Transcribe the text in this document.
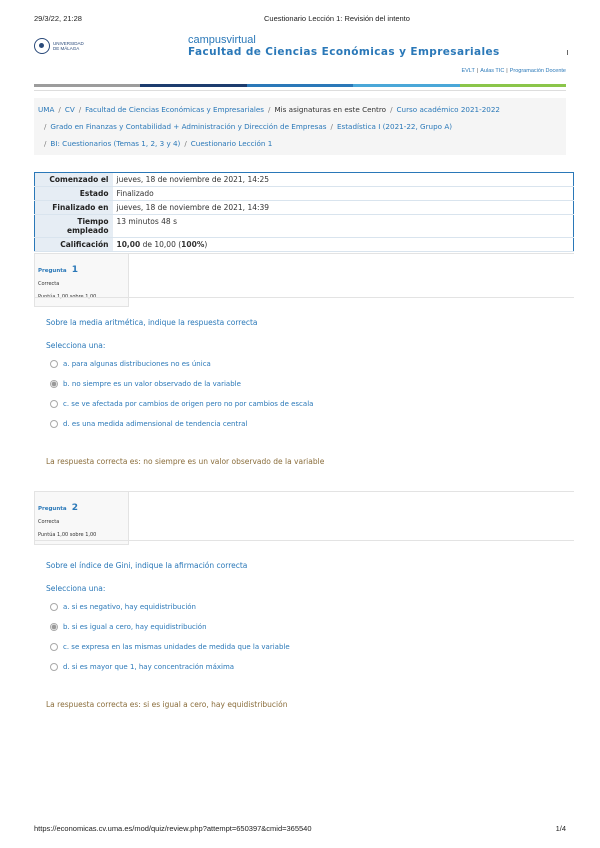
29/3/22, 21:28	Cuestionario Lección 1: Revisión del intento
UNIVERSIDAD DE MÁLAGA
campusvirtual
Facultad de Ciencias Económicas y Empresariales
EVLT | Aulas TIC | Programación Docente
UMA / CV / Facultad de Ciencias Económicas y Empresariales / Mis asignaturas en este Centro / Curso académico 2021-2022
/ Grado en Finanzas y Contabilidad + Administración y Dirección de Empresas / Estadística I (2021-22, Grupo A)
/ BI: Cuestionarios (Temas 1, 2, 3 y 4) / Cuestionario Lección 1
Comenzado el	jueves, 18 de noviembre de 2021, 14:25
Estado	Finalizado
Finalizado en	jueves, 18 de noviembre de 2021, 14:39
Tiempo empleado	13 minutos 48 s
Calificación	10,00 de 10,00 (100%)
Pregunta 1
Correcta
Sobre la media aritmética, indique la respuesta correcta
Selecciona una:
a. para algunas distribuciones no es única
b. no siempre es un valor observado de la variable
c. se ve afectada por cambios de origen pero no por cambios de escala
d. es una medida adimensional de tendencia central
La respuesta correcta es: no siempre es un valor observado de la variable
Pregunta 2
Correcta
Puntúa 1,00 sobre 1,00
Sobre el índice de Gini, indique la afirmación correcta
Selecciona una:
a. si es negativo, hay equidistribución
b. si es igual a cero, hay equidistribución
c. se expresa en las mismas unidades de medida que la variable
d. si es mayor que 1, hay concentración máxima
La respuesta correcta es: si es igual a cero, hay equidistribución
https://economicas.cv.uma.es/mod/quiz/review.php?attempt=650397&cmid=365540	1/4
